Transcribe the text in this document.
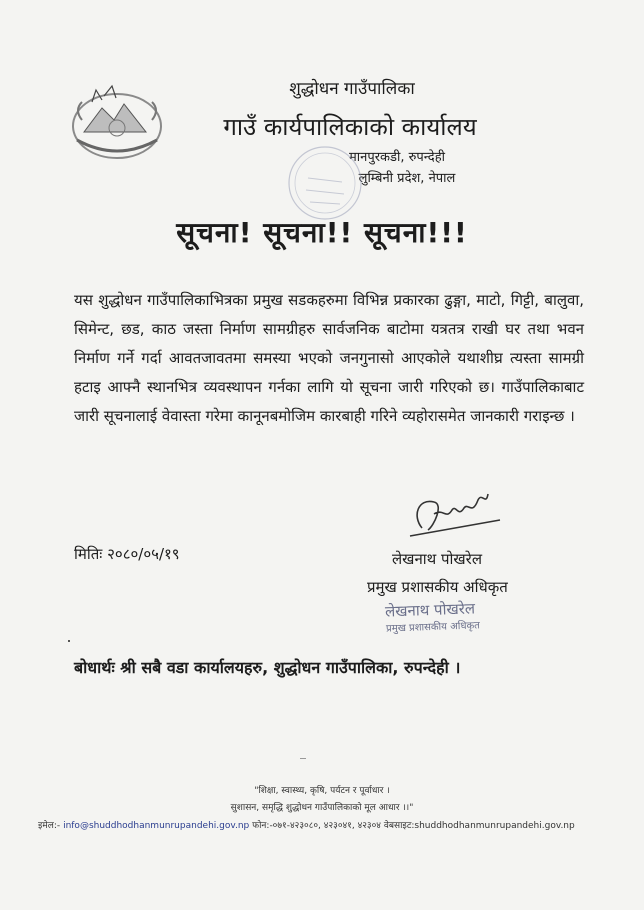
शुद्धोधन गाउँपालिका
गाउँ कार्यपालिकाको कार्यालय
मानपुरकडी, रुपन्देही
लुम्बिनी प्रदेश, नेपाल
सूचना! सूचना!! सूचना!!!
यस शुद्धोधन गाउँपालिकाभित्रका प्रमुख सडकहरुमा विभिन्न प्रकारका ढुङ्गा, माटो, गिट्टी, बालुवा, सिमेन्ट, छड, काठ जस्ता निर्माण सामग्रीहरु सार्वजनिक बाटोमा यत्रतत्र राखी घर तथा भवन निर्माण गर्ने गर्दा आवतजावतमा समस्या भएको जनगुनासो आएकोले यथाशीघ्र त्यस्ता सामग्री हटाइ आफ्नै स्थानभित्र व्यवस्थापन गर्नका लागि यो सूचना जारी गरिएको छ। गाउँपालिकाबाट जारी सूचनालाई वेवास्ता गरेमा कानूनबमोजिम कारबाही गरिने व्यहोरासमेत जानकारी गराइन्छ ।
मितिः २०८०/०५/१९	लेखनाथ पोखरेल
प्रमुख प्रशासकीय अधिकृत
लेखनाथ पोखरेल
प्रमुख प्रशासकीय अधिकृत
बोधार्थः श्री सबै वडा कार्यालयहरु, शुद्धोधन गाउँपालिका, रुपन्देही ।
"शिक्षा, स्वास्थ्य, कृषि, पर्यटन र पूर्वाधार ।
सुशासन, समृद्धि शुद्धोधन गाउँपालिकाको मूल आधार ।।"
इमेल:- info@shuddhodhanmunrupandehi.gov.np फोन:-०७१-४२३०८०, ४२३०४१, ४२३०४ वेबसाइट:shuddhodhanmunrupandehi.gov.np
